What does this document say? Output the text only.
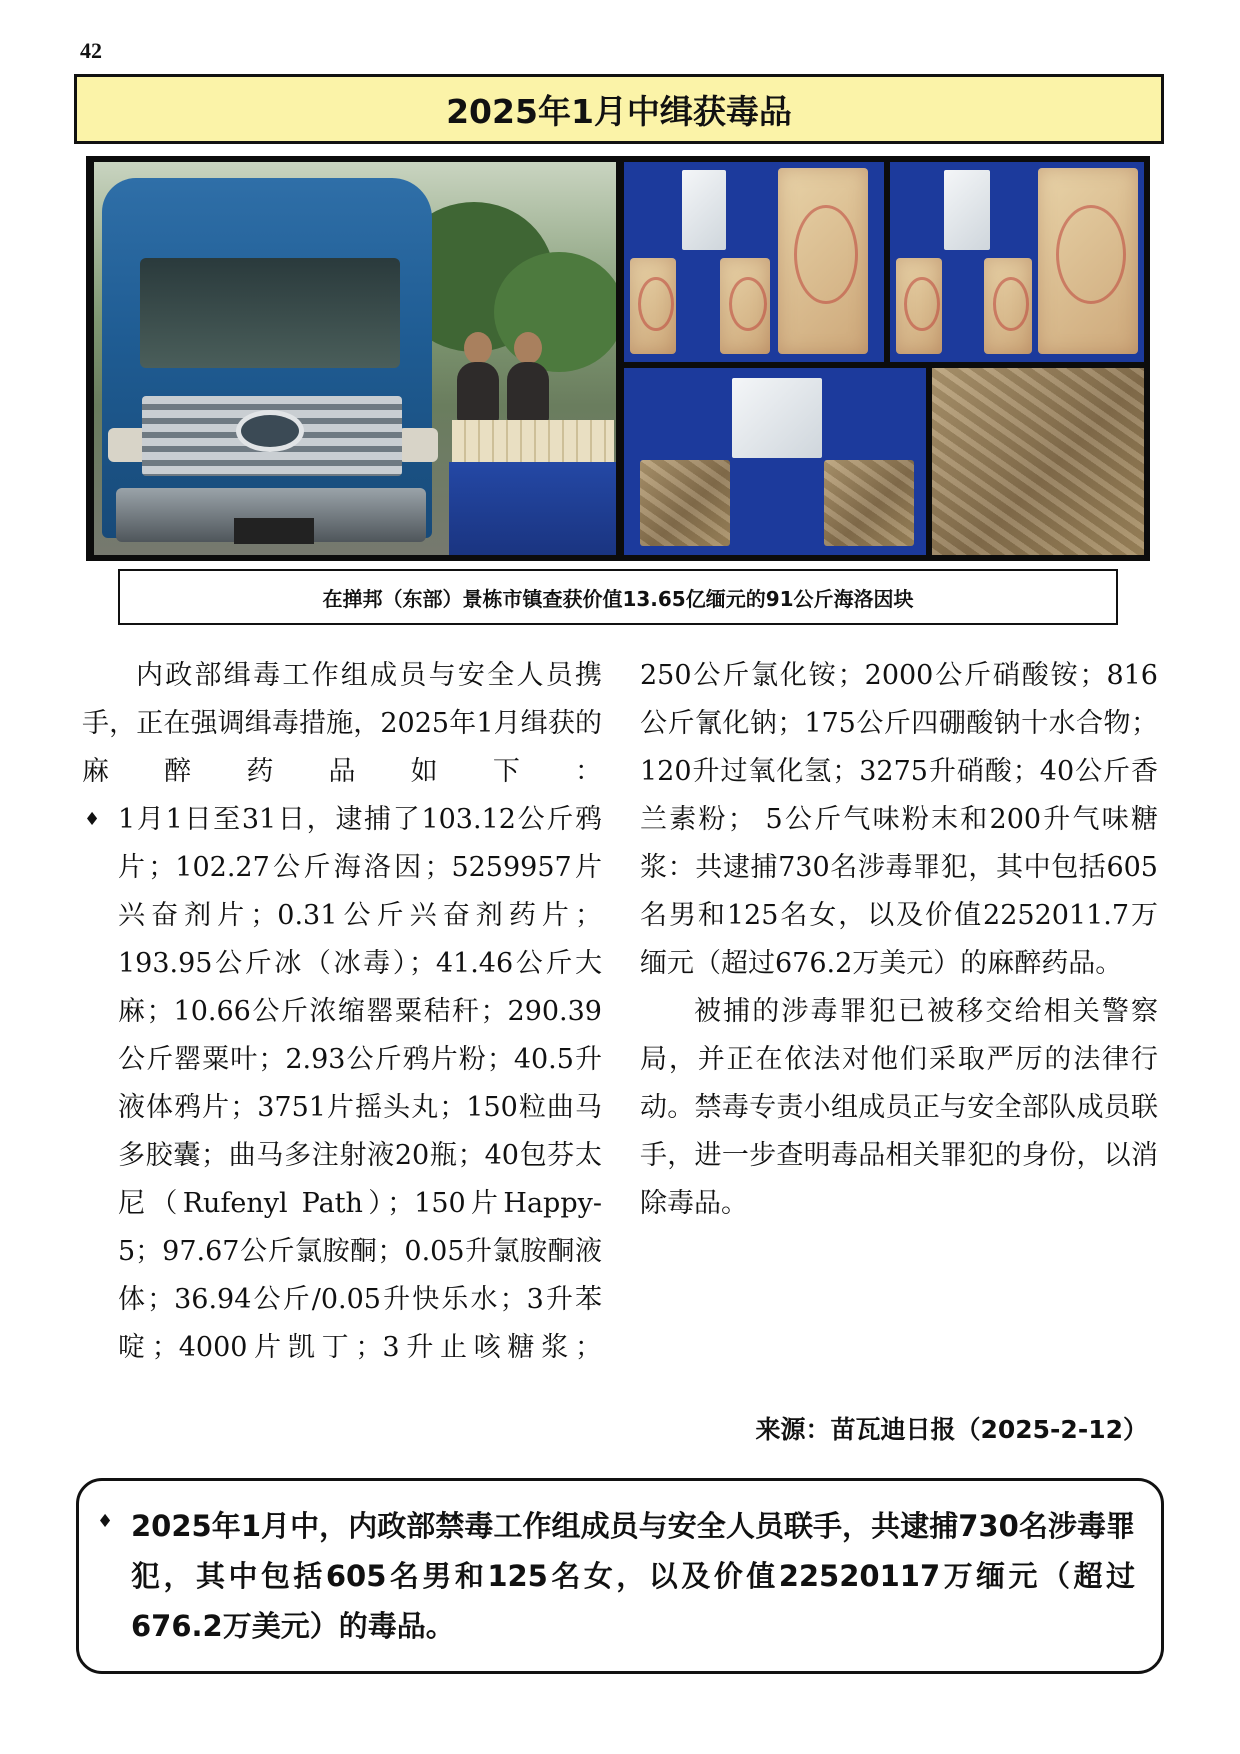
42
2025年1月中缉获毒品
在掸邦（东部）景栋市镇查获价值13.65亿缅元的91公斤海洛因块

内政部缉毒工作组成员与安全人员携手，正在强调缉毒措施，2025年1月缉获的麻醉药品如下：

♦ 1月1日至31日，逮捕了103.12公斤鸦片；102.27公斤海洛因；5259957片兴奋剂片；0.31公斤兴奋剂药片；193.95公斤冰（冰毒）；41.46公斤大麻；10.66公斤浓缩罂粟秸秆；290.39公斤罂粟叶；2.93公斤鸦片粉；40.5升液体鸦片；3751片摇头丸；150粒曲马多胶囊；曲马多注射液20瓶；40包芬太尼（Rufenyl Path）；150片Happy-5；97.67公斤氯胺酮；0.05升氯胺酮液体；36.94公斤/0.05升快乐水；3升苯啶；4000片凯丁；3升止咳糖浆；

250公斤氯化铵；2000公斤硝酸铵；816公斤氰化钠；175公斤四硼酸钠十水合物；120升过氧化氢；3275升硝酸；40公斤香兰素粉； 5公斤气味粉末和200升气味糖浆：共逮捕730名涉毒罪犯，其中包括605名男和125名女，以及价值2252011.7万缅元（超过676.2万美元）的麻醉药品。

被捕的涉毒罪犯已被移交给相关警察局，并正在依法对他们采取严厉的法律行动。禁毒专责小组成员正与安全部队成员联手，进一步查明毒品相关罪犯的身份，以消除毒品。

来源：苗瓦迪日报（2025-2-12）
♦ 2025年1月中，内政部禁毒工作组成员与安全人员联手，共逮捕730名涉毒罪犯，其中包括605名男和125名女，以及价值22520117万缅元（超过676.2万美元）的毒品。
